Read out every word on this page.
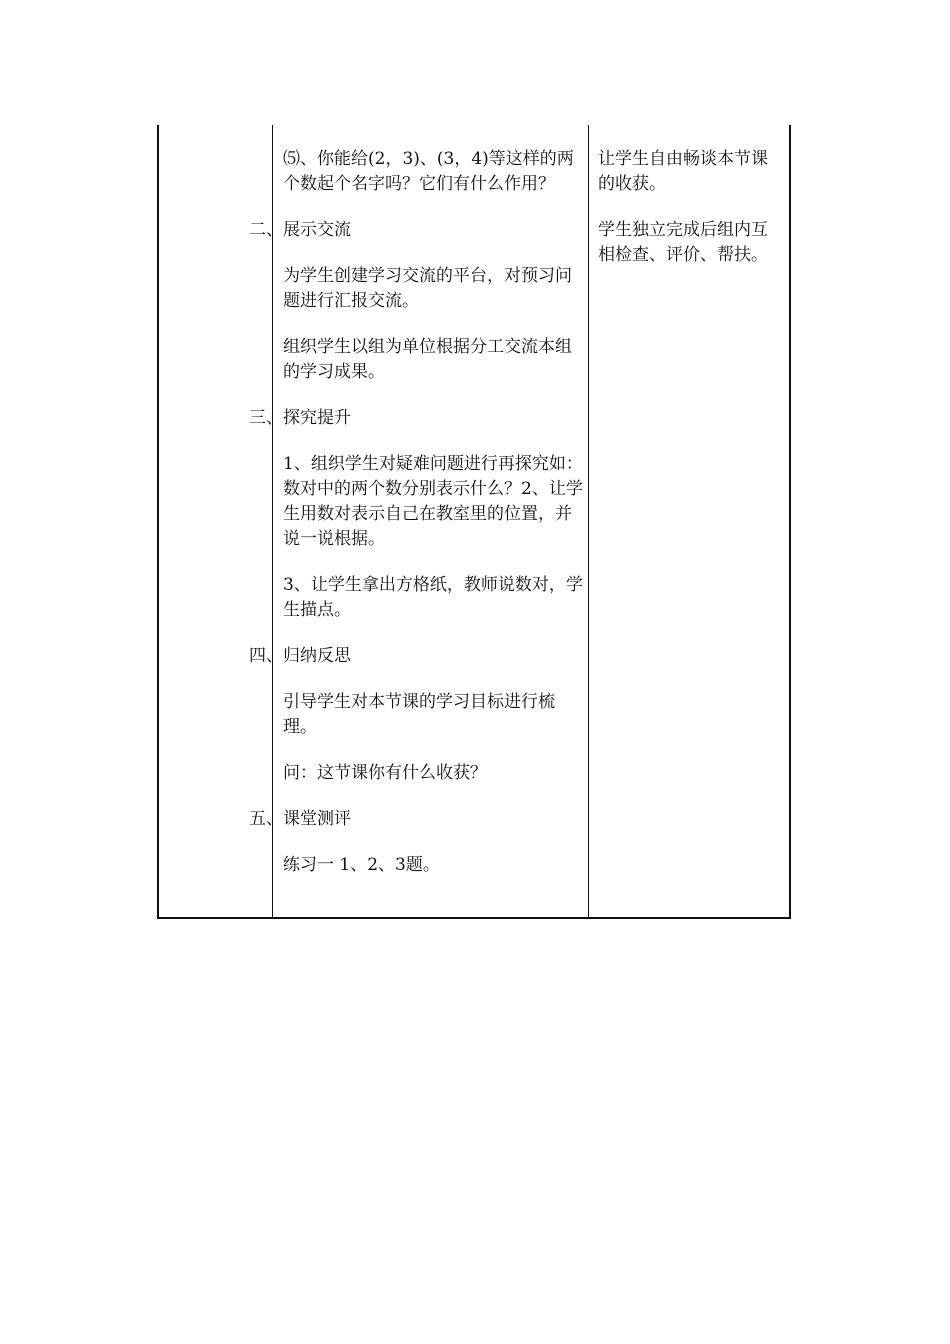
⑸、你能给(2，3)、(3，4)等这样的两个数起个名字吗？它们有什么作用？

二、 展示交流

为学生创建学习交流的平台，对预习问题进行汇报交流。

组织学生以组为单位根据分工交流本组的学习成果。

三、 探究提升

1、组织学生对疑难问题进行再探究如：数对中的两个数分别表示什么？2、让学生用数对表示自己在教室里的位置，并说一说根据。

3、让学生拿出方格纸，教师说数对，学生描点。

四、 归纳反思

引导学生对本节课的学习目标进行梳理。

问：这节课你有什么收获？

五、 课堂测评

练习一 1、2、3题。

让学生自由畅谈本节课的收获。

学生独立完成后组内互相检查、评价、帮扶。
